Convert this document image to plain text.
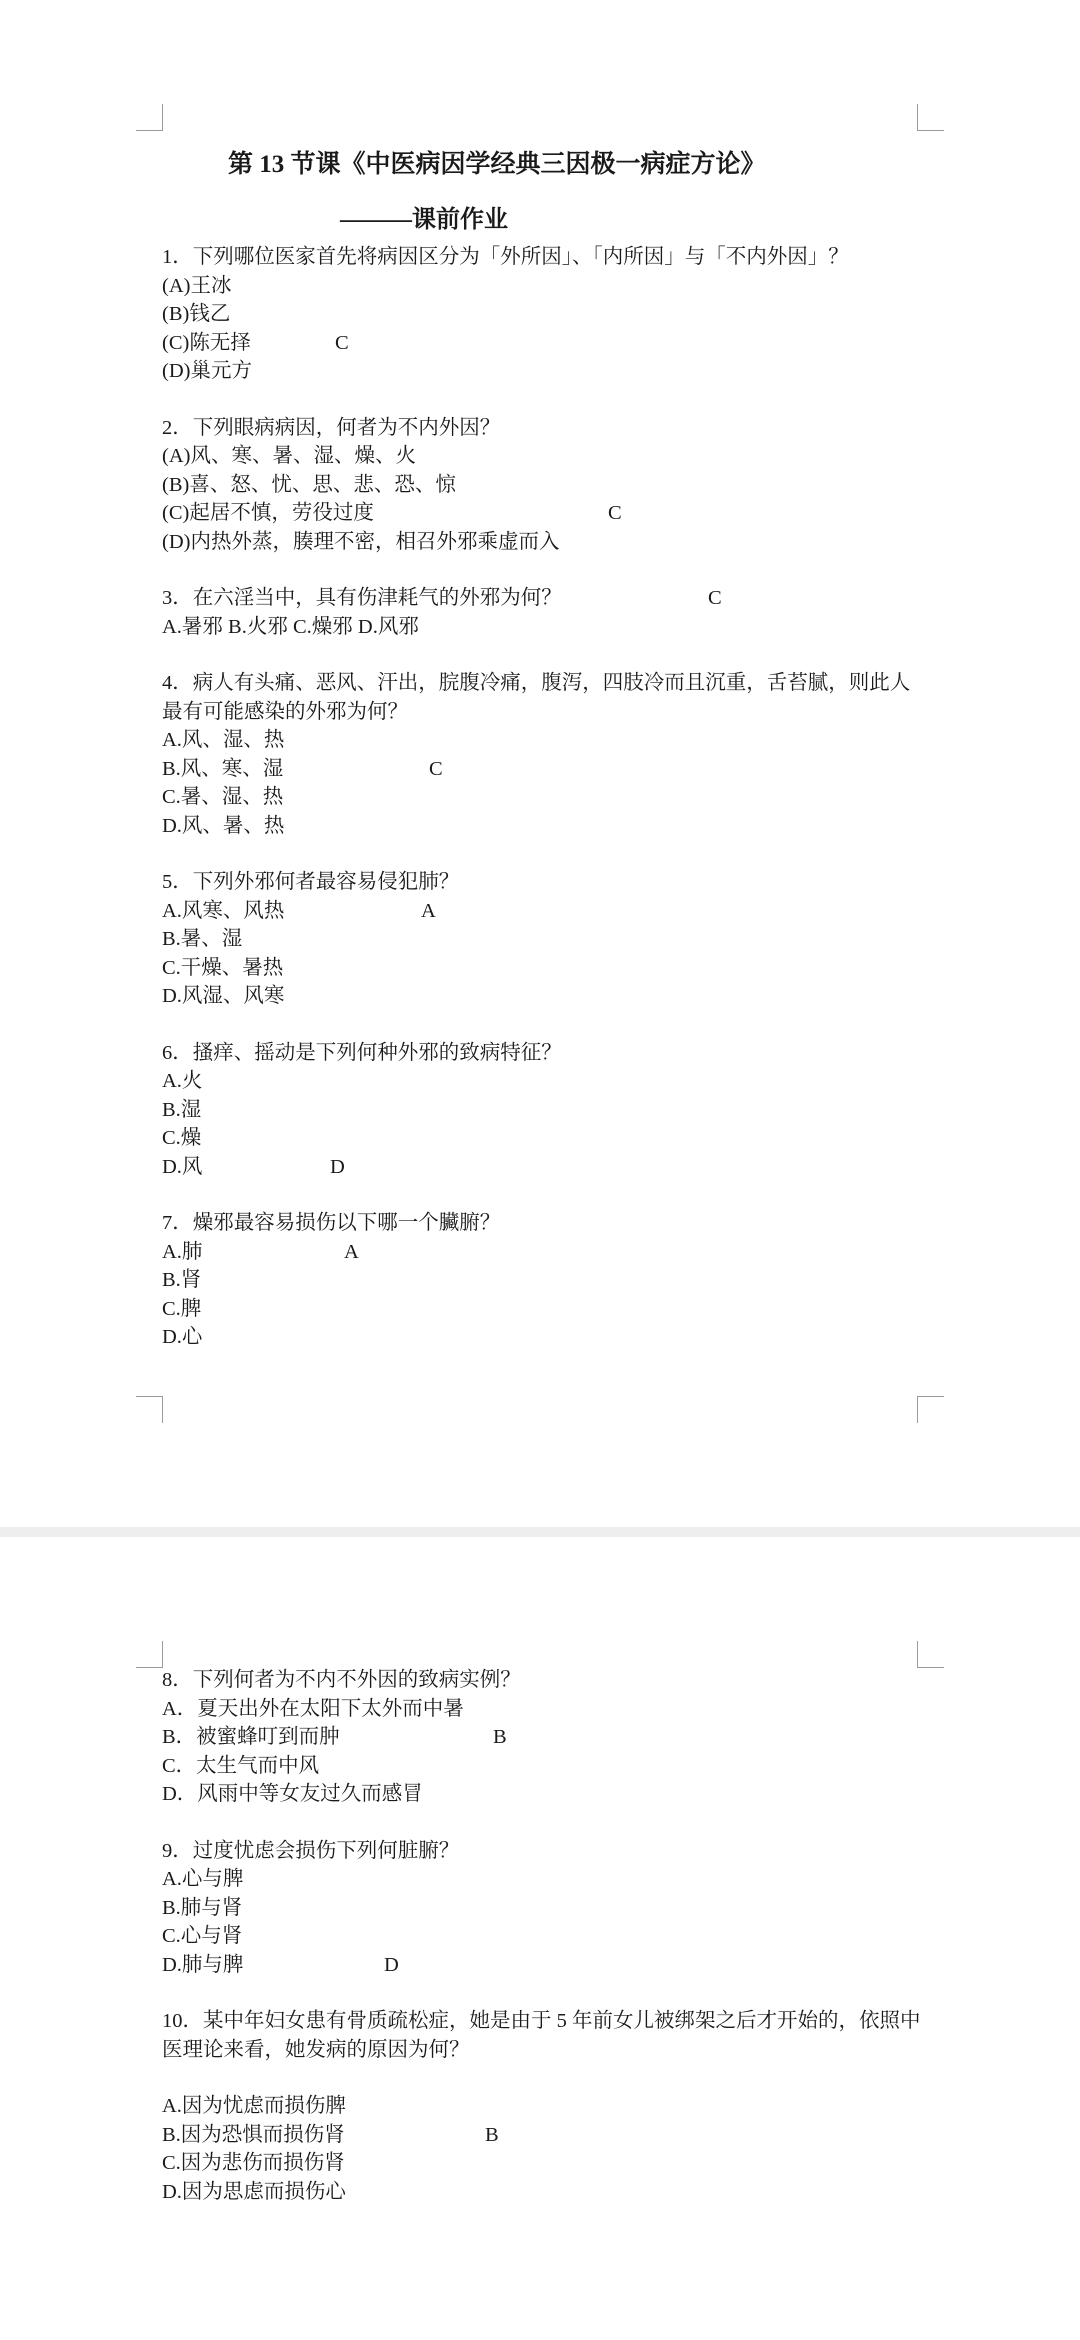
第 13 节课《中医病因学经典三因极一病症方论》
———课前作业
1．下列哪位医家首先将病因区分为「外所因」、「内所因」与「不内外因」？
(A)王冰
(B)钱乙
(C)陈无择	C
(D)巢元方
2．下列眼病病因，何者为不内外因？
(A)风、寒、暑、湿、燥、火
(B)喜、怒、忧、思、悲、恐、惊
(C)起居不慎，劳役过度	C
(D)内热外蒸，腠理不密，相召外邪乘虚而入
3．在六淫当中，具有伤津耗气的外邪为何？	C
A.暑邪 B.火邪 C.燥邪 D.风邪
4．病人有头痛、恶风、汗出，脘腹冷痛，腹泻，四肢冷而且沉重，舌苔腻，则此人最有可能感染的外邪为何？
A.风、湿、热
B.风、寒、湿	C
C.暑、湿、热
D.风、暑、热
5．下列外邪何者最容易侵犯肺？
A.风寒、风热	A
B.暑、湿
C.干燥、暑热
D.风湿、风寒
6．搔痒、摇动是下列何种外邪的致病特征？
A.火
B.湿
C.燥
D.风	D
7．燥邪最容易损伤以下哪一个臟腑？
A.肺	A
B.肾
C.脾
D.心
8．下列何者为不内不外因的致病实例？
A．夏天出外在太阳下太外而中暑
B．被蜜蜂叮到而肿	B
C．太生气而中风
D．风雨中等女友过久而感冒
9．过度忧虑会损伤下列何脏腑？
A.心与脾
B.肺与肾
C.心与肾
D.肺与脾	D
10．某中年妇女患有骨质疏松症，她是由于 5 年前女儿被绑架之后才开始的，依照中医理论来看，她发病的原因为何？
A.因为忧虑而损伤脾
B.因为恐惧而损伤肾	B
C.因为悲伤而损伤肾
D.因为思虑而损伤心
